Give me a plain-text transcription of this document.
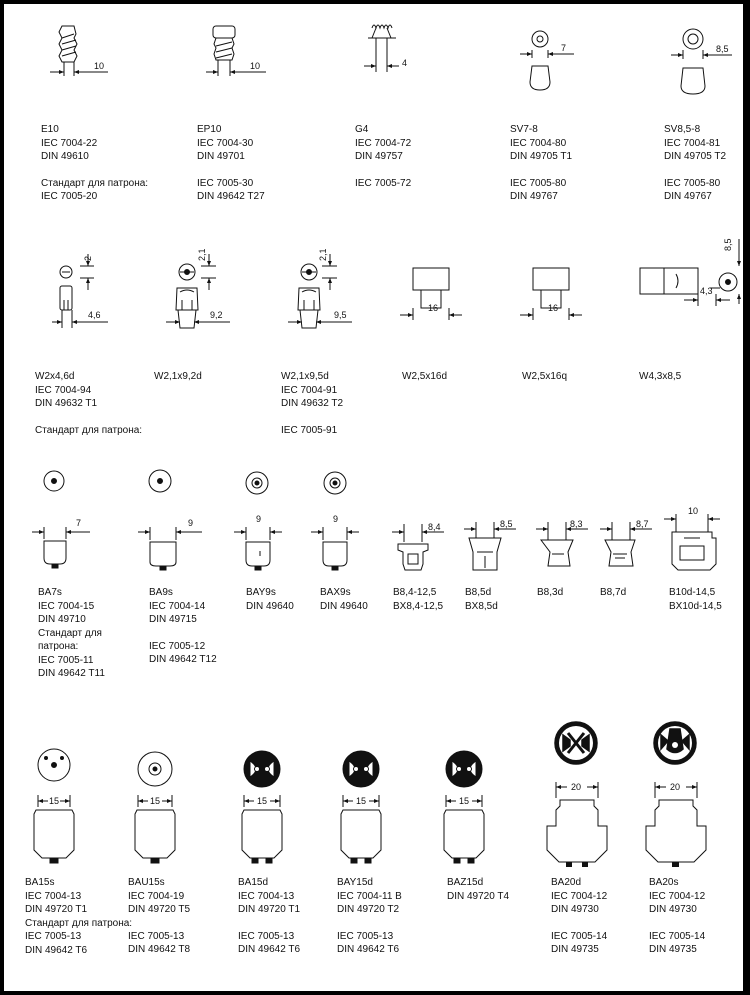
10	10	4
7	8,5
2
4,6
2,1
9,2
2,1
9,5
16	16
4,3
8,5
7	9	9	9
8,4	8,5	8,3	8,7
10
15	15	15	15	15
20	20
E10
IEC 7004-22
DIN 49610
Стандарт для патрона:
IEC 7005-20
EP10
IEC 7004-30
DIN 49701
IEC 7005-30
DIN 49642 T27
G4
IEC 7004-72
DIN 49757
IEC 7005-72
SV7-8
IEC 7004-80
DIN 49705 T1
IEC 7005-80
DIN 49767
SV8,5-8
IEC 7004-81
DIN 49705 T2
IEC 7005-80
DIN 49767
W2x4,6d
IEC 7004-94
DIN 49632 T1
Стандарт для патрона:
W2,1x9,2d	W2,1x9,5d
IEC 7004-91
DIN 49632 T2
IEC 7005-91
W2,5x16d	W2,5x16q	W4,3x8,5
BA7s
IEC 7004-15
DIN 49710
Стандарт для
патрона:
IEC 7005-11
DIN 49642 T11
BA9s
IEC 7004-14
DIN 49715
IEC 7005-12
DIN 49642 T12
BAY9s
DIN 49640
BAX9s
DIN 49640
B8,4-12,5
BX8,4-12,5
B8,5d
BX8,5d
B8,3d	B8,7d	B10d-14,5
BX10d-14,5
BA15s
IEC 7004-13
DIN 49720 T1
Стандарт для патрона:
IEC 7005-13
DIN 49642 T6
BAU15s
IEC 7004-19
DIN 49720 T5
IEC 7005-13
DIN 49642 T8
BA15d
IEC 7004-13
DIN 49720 T1
IEC 7005-13
DIN 49642 T6
BAY15d
IEC 7004-11 B
DIN 49720 T2
IEC 7005-13
DIN 49642 T6
BAZ15d
DIN 49720 T4
BA20d
IEC 7004-12
DIN 49730
IEC 7005-14
DIN 49735
BA20s
IEC 7004-12
DIN 49730
IEC 7005-14
DIN 49735
